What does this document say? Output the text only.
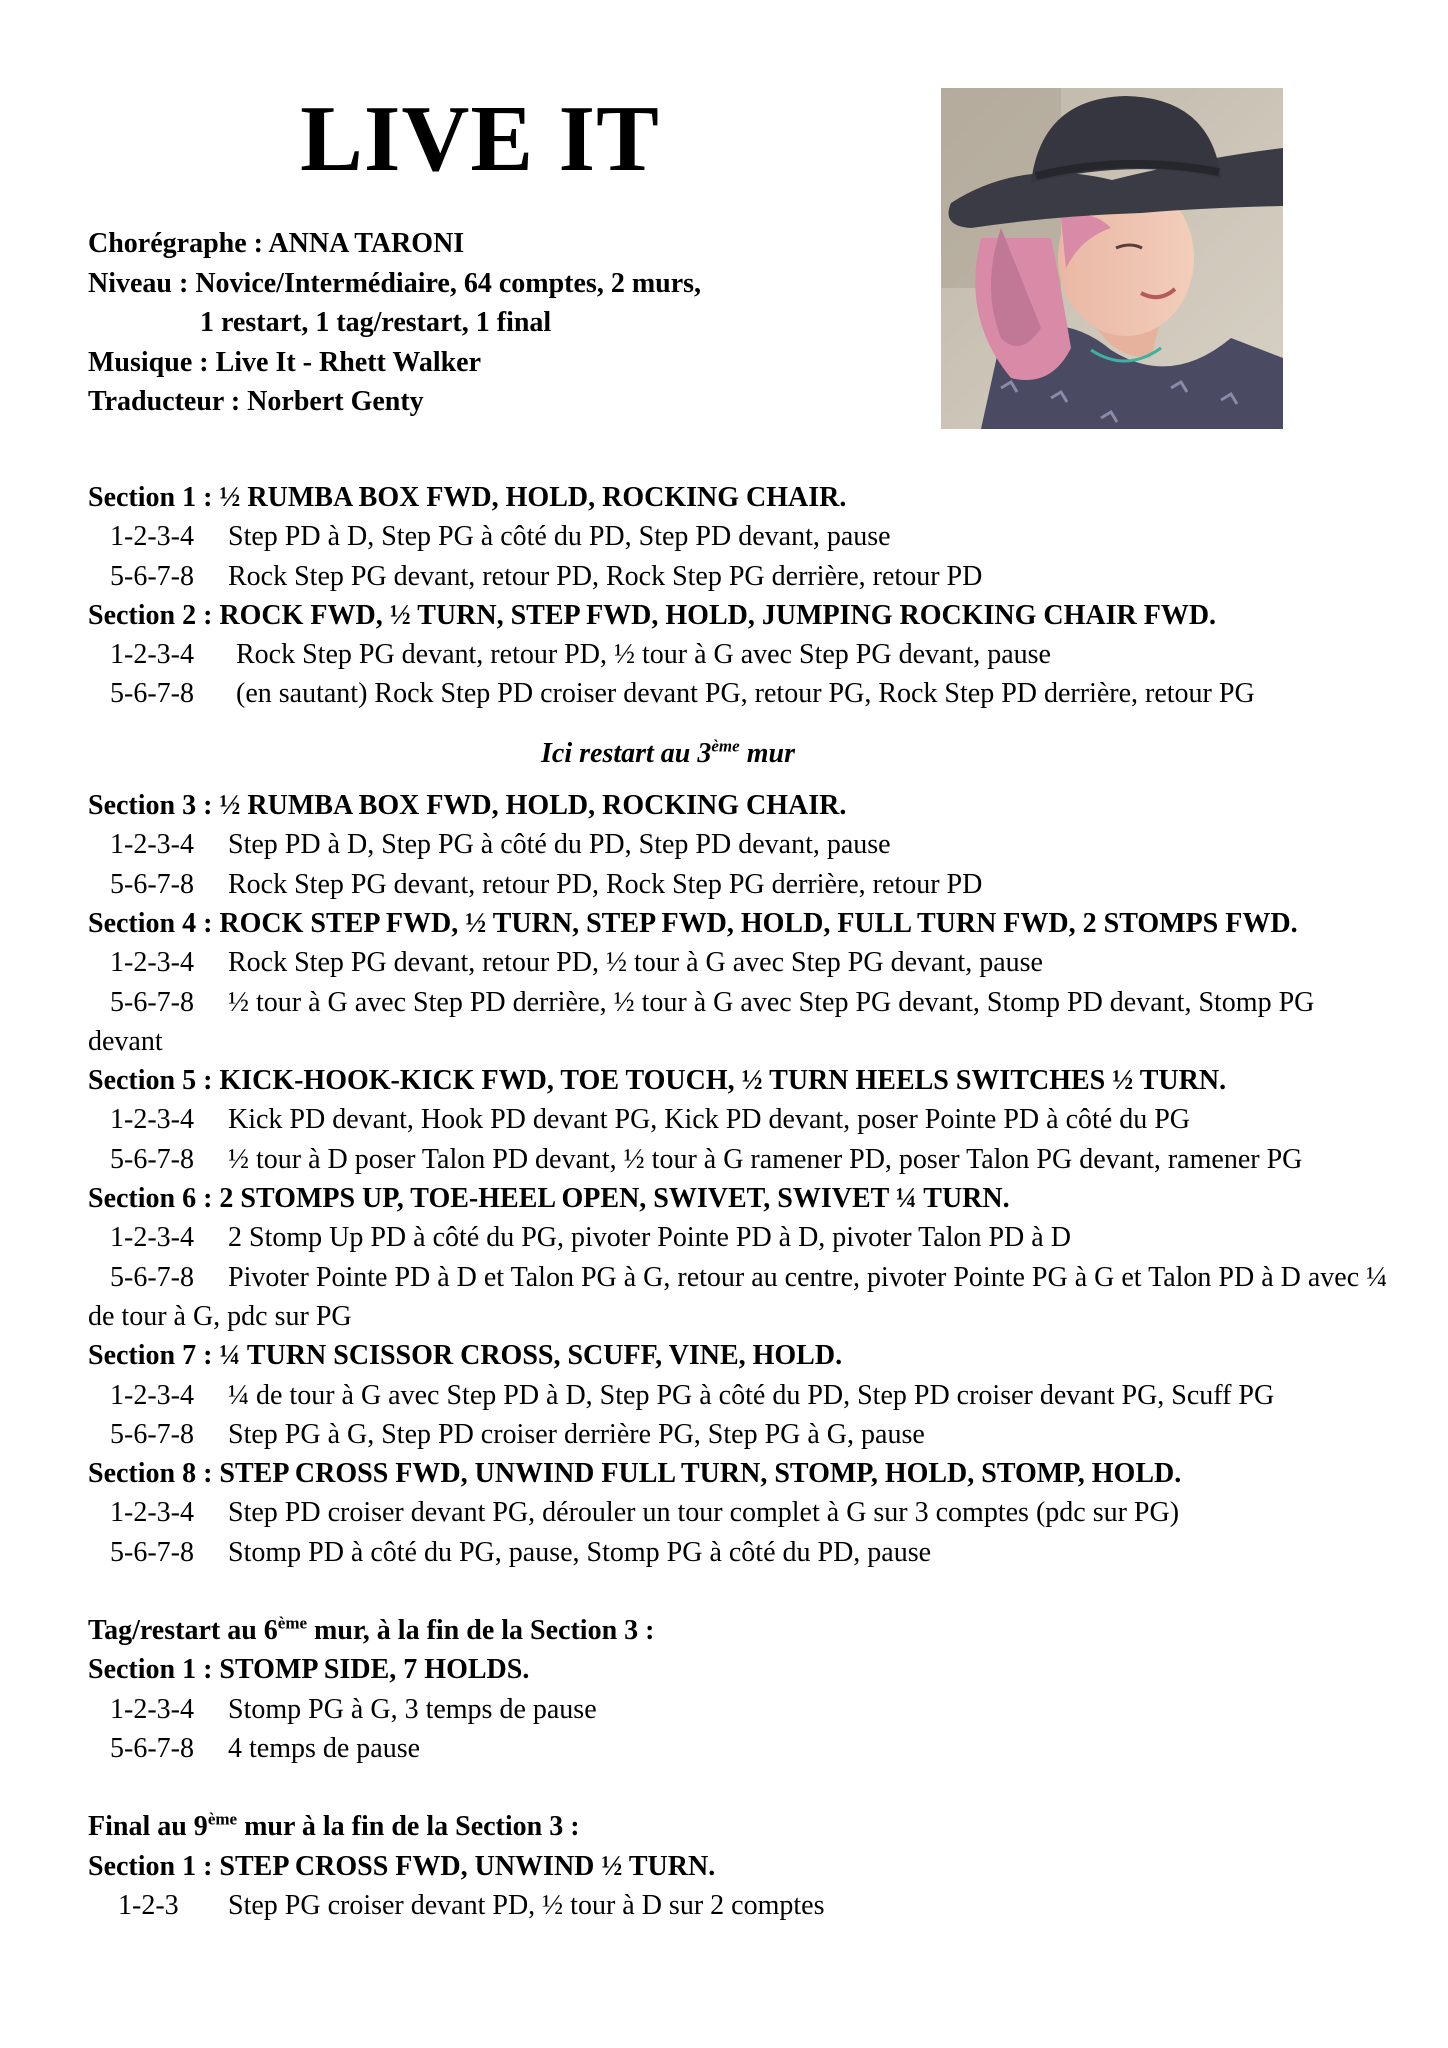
LIVE IT
Chorégraphe : ANNA TARONI
Niveau : Novice/Intermédiaire, 64 comptes, 2 murs,
1 restart, 1 tag/restart, 1 final
Musique : Live It - Rhett Walker
Traducteur : Norbert Genty
Section 1 : ½ RUMBA BOX FWD, HOLD, ROCKING CHAIR.
1-2-3-4	Step PD à D, Step PG à côté du PD, Step PD devant, pause
5-6-7-8	Rock Step PG devant, retour PD, Rock Step PG derrière, retour PD
Section 2 : ROCK FWD, ½ TURN, STEP FWD, HOLD, JUMPING ROCKING CHAIR FWD.
1-2-3-4	Rock Step PG devant, retour PD, ½ tour à G avec Step PG devant, pause
5-6-7-8	(en sautant) Rock Step PD croiser devant PG, retour PG, Rock Step PD derrière, retour PG
Ici restart au 3ème mur
Section 3 : ½ RUMBA BOX FWD, HOLD, ROCKING CHAIR.
1-2-3-4	Step PD à D, Step PG à côté du PD, Step PD devant, pause
5-6-7-8	Rock Step PG devant, retour PD, Rock Step PG derrière, retour PD
Section 4 : ROCK STEP FWD, ½ TURN, STEP FWD, HOLD, FULL TURN FWD, 2 STOMPS FWD.
1-2-3-4	Rock Step PG devant, retour PD, ½ tour à G avec Step PG devant, pause
5-6-7-8 ½ tour à G avec Step PD derrière, ½ tour à G avec Step PG devant, Stomp PD devant, Stomp PG devant
Section 5 : KICK-HOOK-KICK FWD, TOE TOUCH, ½ TURN HEELS SWITCHES ½ TURN.
1-2-3-4	Kick PD devant, Hook PD devant PG, Kick PD devant, poser Pointe PD à côté du PG
5-6-7-8	½ tour à D poser Talon PD devant, ½ tour à G ramener PD, poser Talon PG devant, ramener PG
Section 6 : 2 STOMPS UP, TOE-HEEL OPEN, SWIVET, SWIVET ¼ TURN.
1-2-3-4	2 Stomp Up PD à côté du PG, pivoter Pointe PD à D, pivoter Talon PD à D
5-6-7-8 Pivoter Pointe PD à D et Talon PG à G, retour au centre, pivoter Pointe PG à G et Talon PD à D avec ¼ de tour à G, pdc sur PG
Section 7 : ¼ TURN SCISSOR CROSS, SCUFF, VINE, HOLD.
1-2-3-4	¼ de tour à G avec Step PD à D, Step PG à côté du PD, Step PD croiser devant PG, Scuff PG
5-6-7-8	Step PG à G, Step PD croiser derrière PG, Step PG à G, pause
Section 8 : STEP CROSS FWD, UNWIND FULL TURN, STOMP, HOLD, STOMP, HOLD.
1-2-3-4	Step PD croiser devant PG, dérouler un tour complet à G sur 3 comptes (pdc sur PG)
5-6-7-8	Stomp PD à côté du PG, pause, Stomp PG à côté du PD, pause
Tag/restart au 6ème mur, à la fin de la Section 3 :
Section 1 : STOMP SIDE, 7 HOLDS.
1-2-3-4	Stomp PG à G, 3 temps de pause
5-6-7-8	4 temps de pause
Final au 9ème mur à la fin de la Section 3 :
Section 1 : STEP CROSS FWD, UNWIND ½ TURN.
1-2-3	Step PG croiser devant PD, ½ tour à D sur 2 comptes
